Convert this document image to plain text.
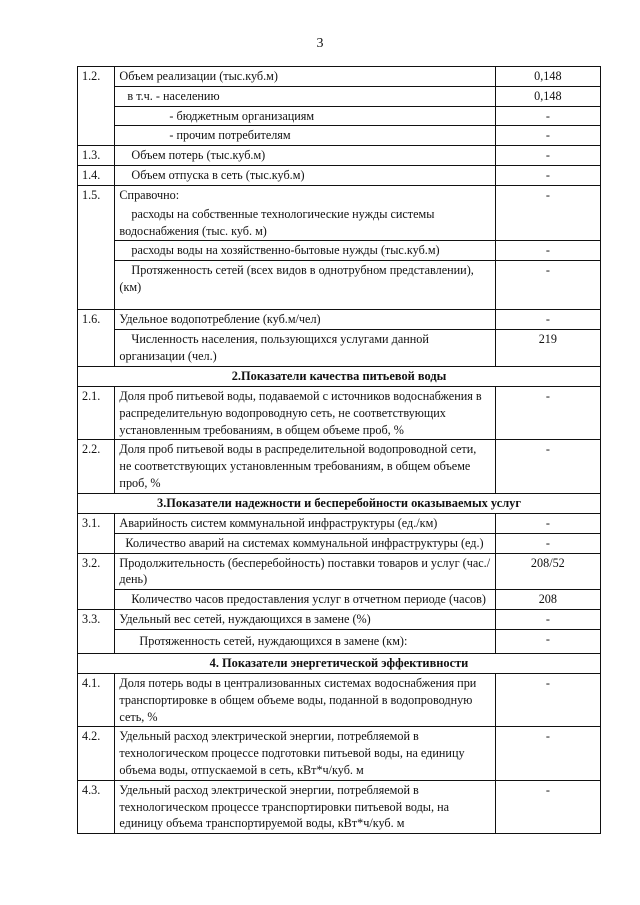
3
1.2.	Объем реализации (тыс.куб.м)	0,148
	в т.ч. - населению	0,148
	- бюджетным организациям	-
	- прочим потребителям	-
1.3.	Объем потерь (тыс.куб.м)	-
1.4.	Объем отпуска в сеть (тыс.куб.м)	-
1.5.	Справочно:	-

	расходы на собственные технологические нужды системы водоснабжения (тыс. куб. м)	

	расходы воды на хозяйственно-бытовые нужды (тыс.куб.м)	-

	Протяженность сетей (всех видов в однотрубном представлении), (км)	-
1.6.	Удельное водопотребление (куб.м/чел)	-

	Численность населения, пользующихся услугами данной организации (чел.)	219
2.Показатели качества питьевой воды		
2.1.	Доля проб питьевой воды, подаваемой с источников водоснабжения в распределительную водопроводную сеть, не соответствующих установленным требованиям, в общем объеме проб, %	-
2.2.	Доля проб питьевой воды в распределительной водопроводной сети, не соответствующих установленным требованиям, в общем объеме проб, %	-
3.Показатели надежности и бесперебойности оказываемых услуг		
3.1.	Аварийность систем коммунальной инфраструктуры (ед./км)	-

	Количество аварий на системах коммунальной инфраструктуры (ед.)	-
3.2.	Продолжительность (бесперебойность) поставки товаров и услуг (час./день)	208/52

	Количество часов предоставления услуг в отчетном периоде (часов)	208
3.3.	Удельный вес сетей, нуждающихся в замене (%)	-
	Протяженность сетей, нуждающихся в замене (км):	-
4. Показатели энергетической эффективности		
4.1.	Доля потерь воды в централизованных системах водоснабжения при транспортировке в общем объеме воды, поданной в водопроводную сеть, %	-
4.2.	Удельный расход электрической энергии, потребляемой в технологическом процессе подготовки питьевой воды, на единицу объема воды, отпускаемой в сеть, кВт*ч/куб. м	-
4.3.	Удельный расход электрической энергии, потребляемой в технологическом процессе транспортировки питьевой воды, на единицу объема транспортируемой воды, кВт*ч/куб. м	-
